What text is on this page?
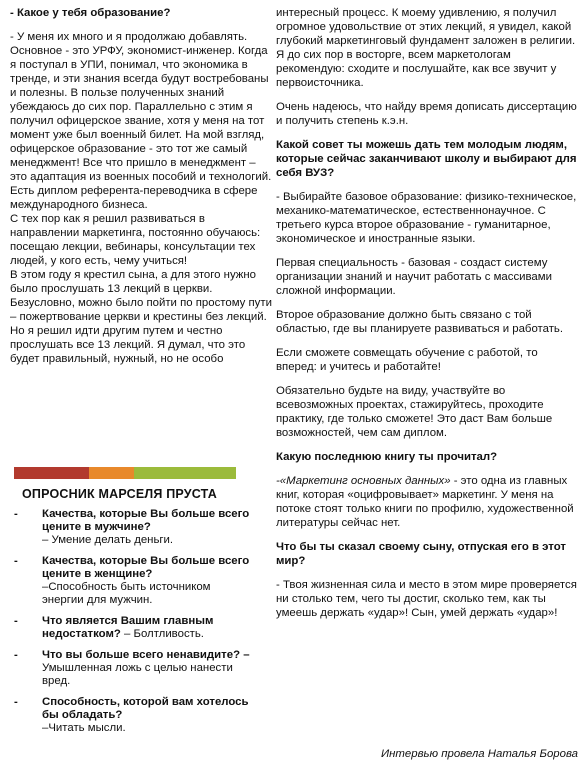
- Какое у тебя образование?

- У меня их много и я продолжаю добавлять.
Основное - это УРФУ, экономист-инженер. Когда я поступал в УПИ, понимал, что экономика в тренде, и эти знания всегда будут востребованы и полезны. В пользе полученных знаний убеждаюсь до сих пор. Параллельно с этим я получил офицерское звание, хотя у меня на тот момент уже был военный билет. На мой взгляд, офицерское образование - это тот же самый менеджмент! Все что пришло в менеджмент – это адаптация из военных пособий и технологий.
Есть диплом референта-переводчика в сфере международного бизнеса.
С тех пор как я решил развиваться в направлении маркетинга, постоянно обучаюсь: посещаю лекции, вебинары, консультации тех людей, у кого есть, чему учиться!
В этом году я крестил сына, а для этого нужно было прослушать 13 лекций в церкви. Безусловно, можно было пойти по простому пути – пожертвование церкви и крестины без лекций. Но я решил идти другим путем и честно прослушать все 13 лекций. Я думал, что это будет правильный, нужный, но не особо

ОПРОСНИК МАРСЕЛЯ ПРУСТА
- Качества, которые Вы больше всего цените в мужчине?
– Умение делать деньги.
- Качества, которые Вы больше всего цените в женщине?
–Способность быть источником энергии для мужчин.
- Что является Вашим главным недостатком? – Болтливость.
- Что вы больше всего ненавидите? – Умышленная ложь с целью нанести вред.
- Способность, которой вам хотелось бы обладать?
–Читать мысли.

интересный процесс. К моему удивлению, я получил огромное удовольствие от этих лекций, я увидел, какой глубокий маркетинговый фундамент заложен в религии. Я до сих пор в восторге, всем маркетологам рекомендую: сходите и послушайте, как все звучит у первоисточника.

Очень надеюсь, что найду время дописать диссертацию и получить степень к.э.н.

Какой совет ты можешь дать тем молодым людям, которые сейчас заканчивают школу и выбирают для себя ВУЗ?

- Выбирайте базовое образование: физико-техническое, механико-математическое, естественнонаучное. С третьего курса второе образование - гуманитарное, экономическое и иностранные языки.

Первая специальность - базовая - создаст систему организации знаний и научит работать с массивами сложной информации.

Второе образование должно быть связано с той областью, где вы планируете развиваться и работать.

Если сможете совмещать обучение с работой, то вперед: и учитесь и работайте!

Обязательно будьте на виду, участвуйте во всевозможных проектах, стажируйтесь, проходите практику, где только сможете! Это даст Вам больше возможностей, чем сам диплом.

Какую последнюю книгу ты прочитал?

-«Маркетинг основных данных» - это одна из главных книг, которая «оцифровывает» маркетинг. У меня на потоке стоят только книги по профилю, художественной литературы сейчас нет.

Что бы ты сказал своему сыну, отпуская его в этот мир?

- Твоя жизненная сила и место в этом мире проверяется ни столько тем, чего ты достиг, сколько тем, как ты умеешь держать «удар»! Сын, умей держать «удар»!

Интервью провела Наталья Борова
